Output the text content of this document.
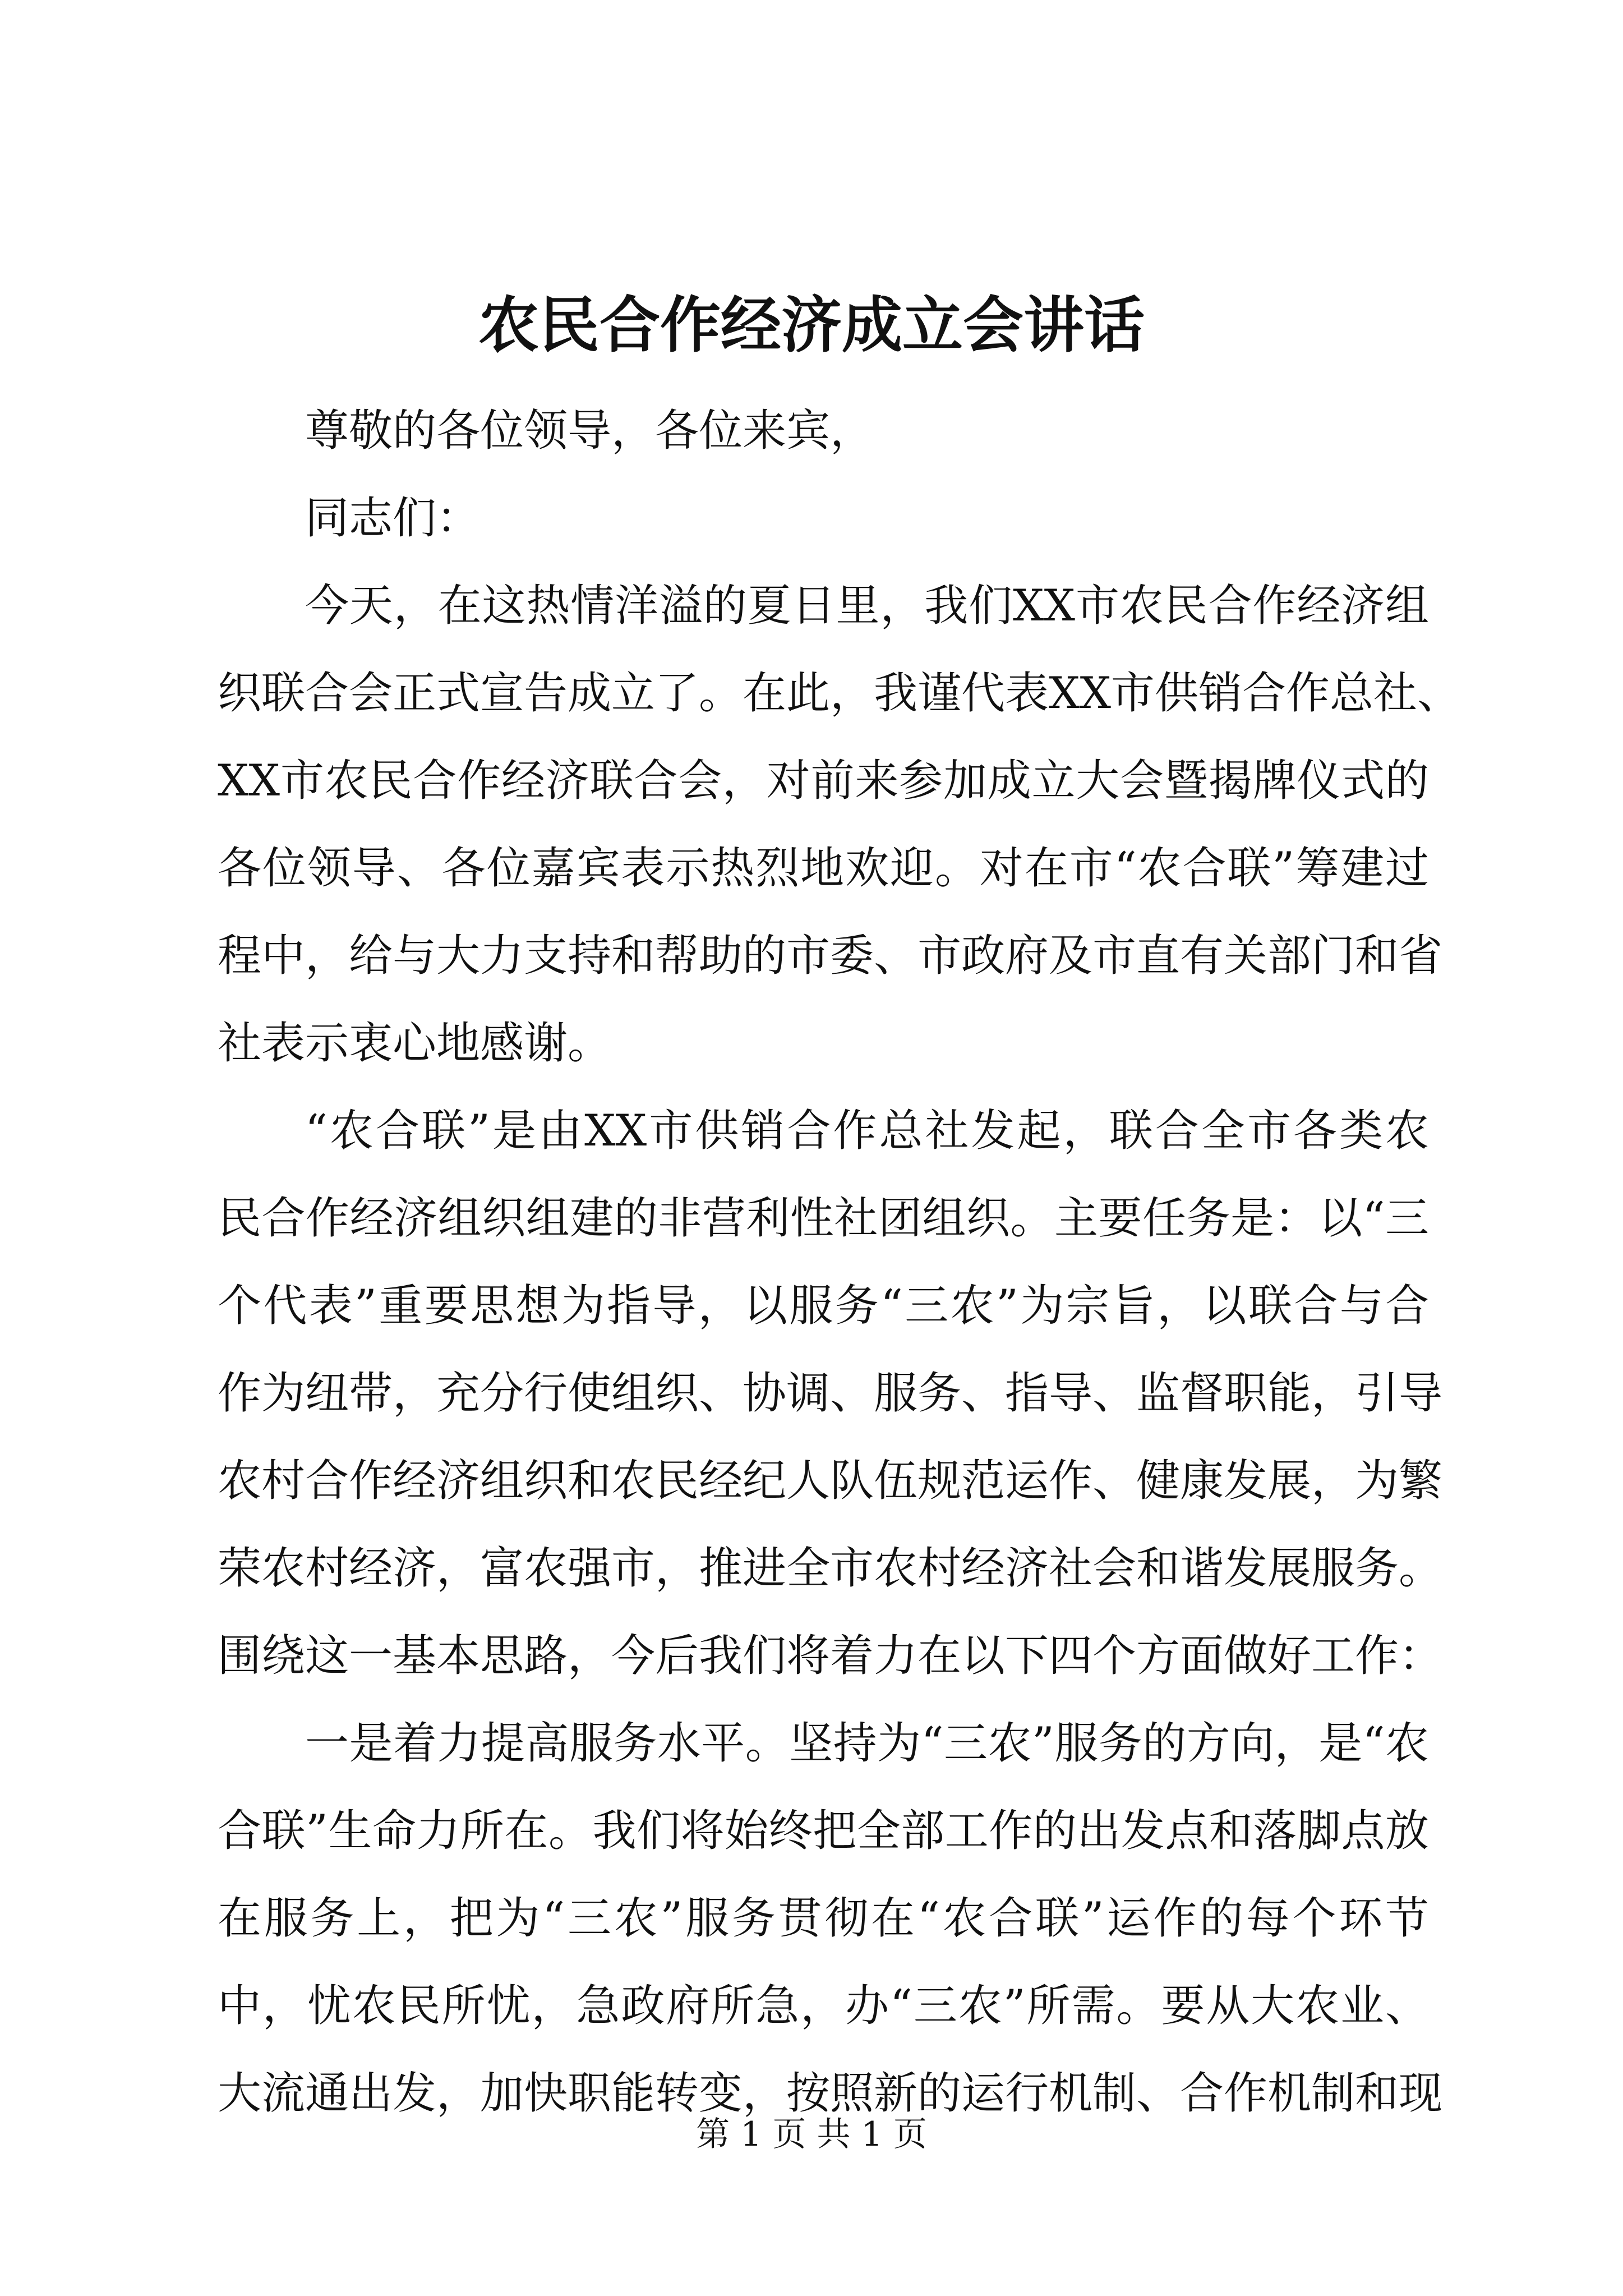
农民合作经济成立会讲话
尊敬的各位领导，各位来宾，
同志们：
今天，在这热情洋溢的夏日里，我们XX市农民合作经济组
织联合会正式宣告成立了。在此，我谨代表XX市供销合作总社、
XX市农民合作经济联合会，对前来参加成立大会暨揭牌仪式的
各位领导、各位嘉宾表示热烈地欢迎。对在市“农合联”筹建过
程中，给与大力支持和帮助的市委、市政府及市直有关部门和省
社表示衷心地感谢。
“农合联”是由XX市供销合作总社发起，联合全市各类农
民合作经济组织组建的非营利性社团组织。主要任务是：以“三
个代表”重要思想为指导，以服务“三农”为宗旨，以联合与合
作为纽带，充分行使组织、协调、服务、指导、监督职能，引导
农村合作经济组织和农民经纪人队伍规范运作、健康发展，为繁
荣农村经济，富农强市，推进全市农村经济社会和谐发展服务。
围绕这一基本思路，今后我们将着力在以下四个方面做好工作：
一是着力提高服务水平。坚持为“三农”服务的方向，是“农
合联”生命力所在。我们将始终把全部工作的出发点和落脚点放
在服务上，把为“三农”服务贯彻在“农合联”运作的每个环节
中，忧农民所忧，急政府所急，办“三农”所需。要从大农业、
大流通出发，加快职能转变，按照新的运行机制、合作机制和现
第 1 页 共 1 页
